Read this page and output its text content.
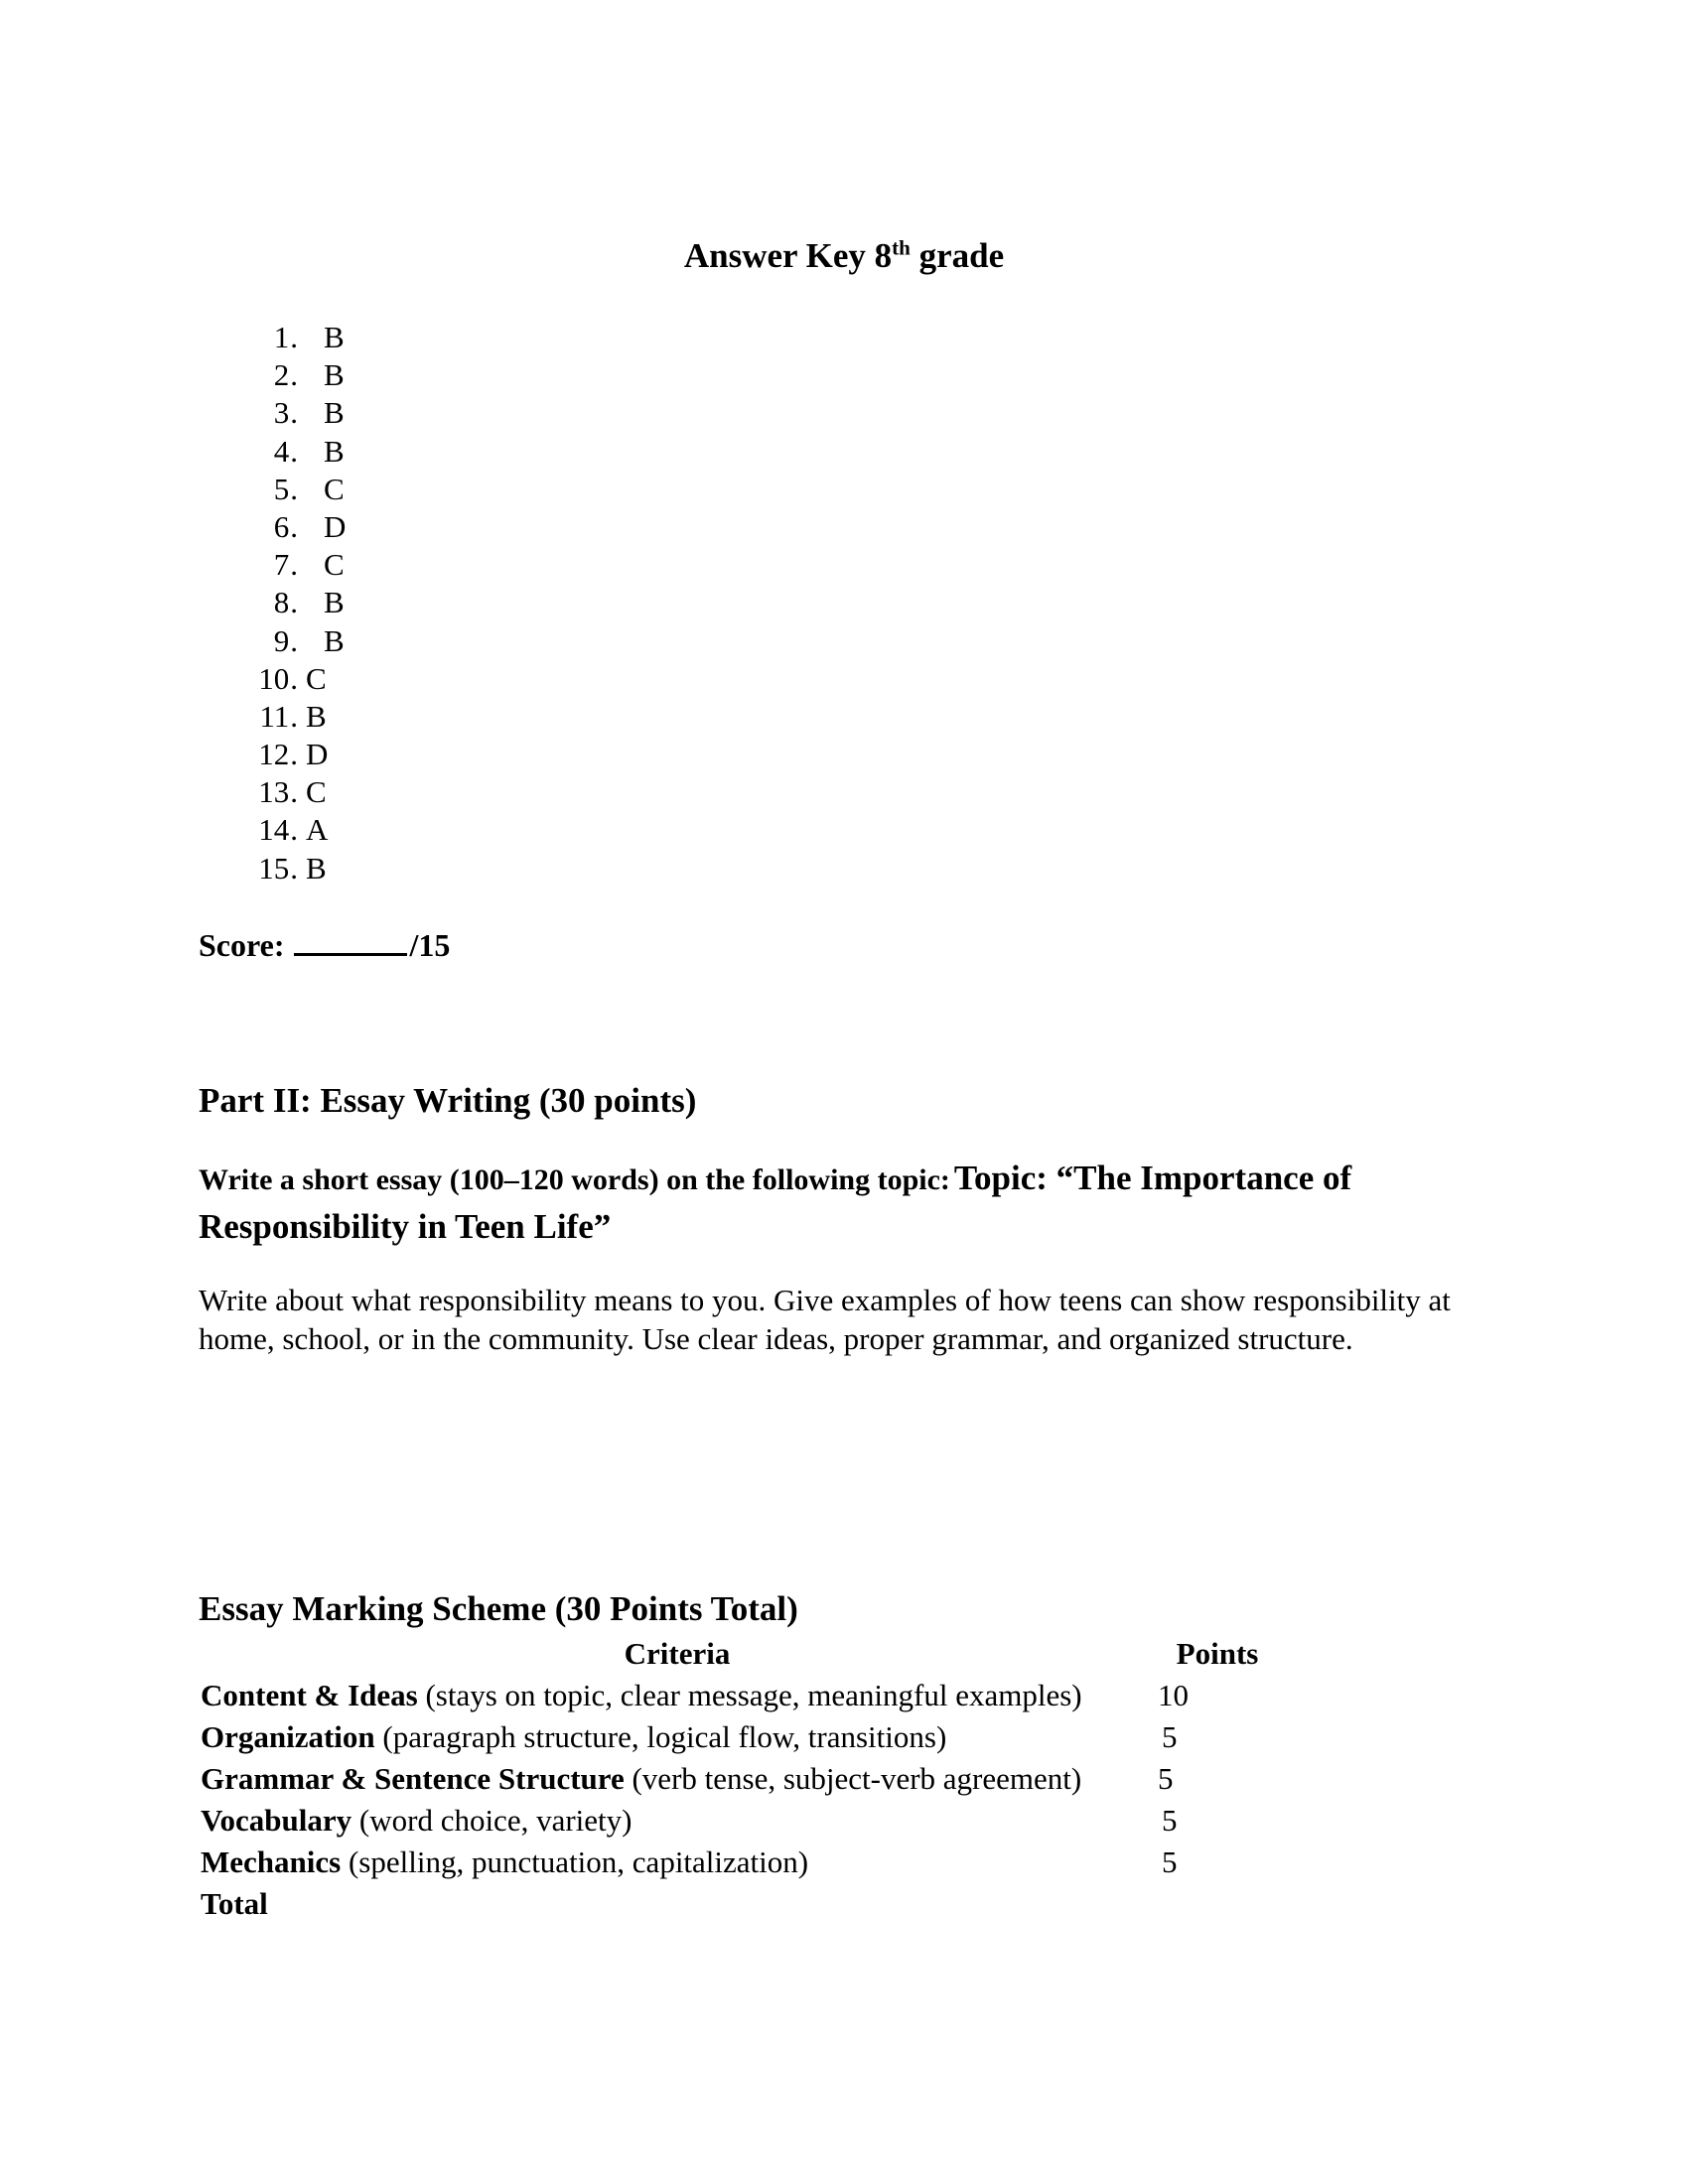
Answer Key 8th grade
1. B
2. B
3. B
4. B
5. C
6. D
7. C
8. B
9. B
10. C
11. B
12. D
13. C
14. A
15. B
Score:	/15
Part II: Essay Writing (30 points)
Write a short essay (100–120 words) on the following topic: Topic: “The Importance of Responsibility in Teen Life”
Write about what responsibility means to you. Give examples of how teens can show responsibility at home, school, or in the community. Use clear ideas, proper grammar, and organized structure.
Essay Marking Scheme (30 Points Total)
Criteria	Points
Content & Ideas (stays on topic, clear message, meaningful examples)	10
Organization (paragraph structure, logical flow, transitions)	5
Grammar & Sentence Structure (verb tense, subject-verb agreement)	5
Vocabulary (word choice, variety)	5
Mechanics (spelling, punctuation, capitalization)	5
Total	
